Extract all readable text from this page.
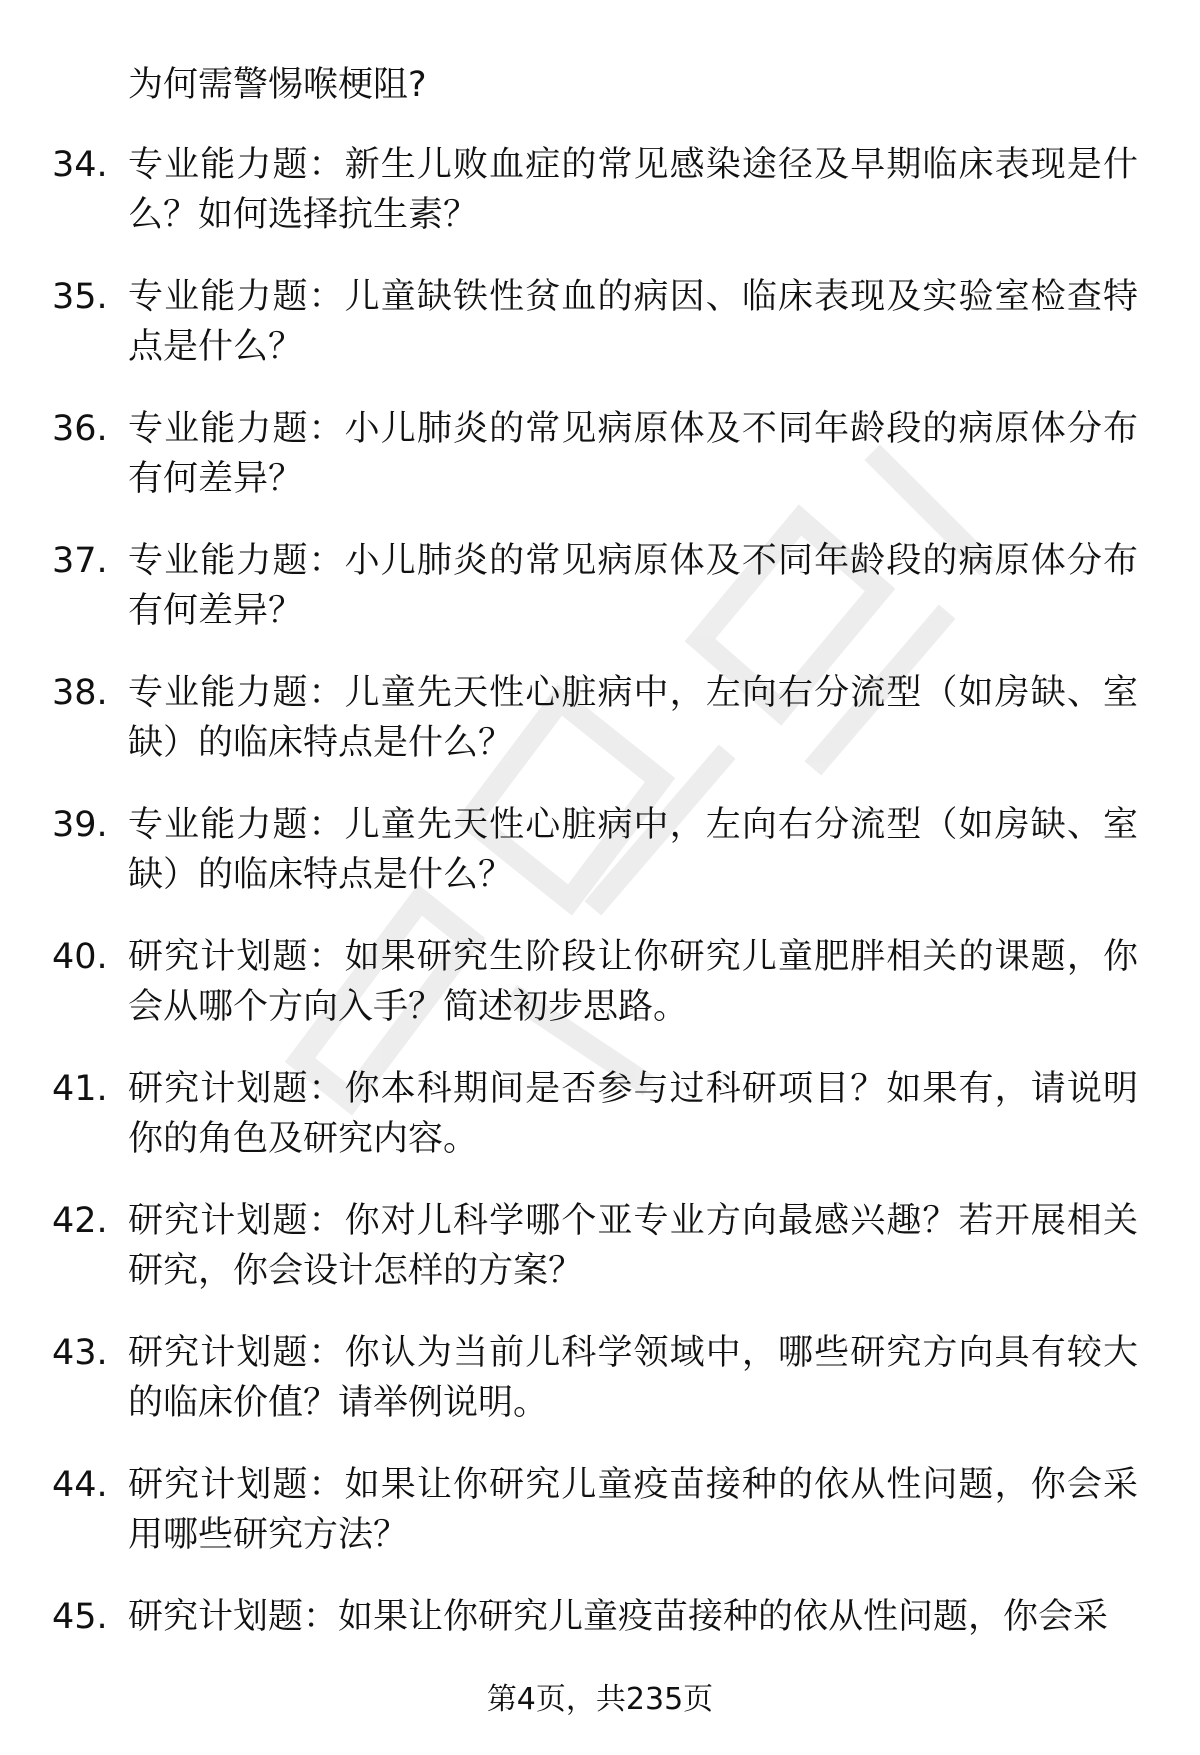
为何需警惕喉梗阻?
34. 专业能力题：新生儿败血症的常见感染途径及早期临床表现是什么？如何选择抗生素？
35. 专业能力题：儿童缺铁性贫血的病因、临床表现及实验室检查特点是什么？
36. 专业能力题：小儿肺炎的常见病原体及不同年龄段的病原体分布有何差异？
37. 专业能力题：小儿肺炎的常见病原体及不同年龄段的病原体分布有何差异？
38. 专业能力题：儿童先天性心脏病中，左向右分流型（如房缺、室缺）的临床特点是什么？
39. 专业能力题：儿童先天性心脏病中，左向右分流型（如房缺、室缺）的临床特点是什么？
40. 研究计划题：如果研究生阶段让你研究儿童肥胖相关的课题，你会从哪个方向入手？简述初步思路。
41. 研究计划题：你本科期间是否参与过科研项目？如果有，请说明你的角色及研究内容。
42. 研究计划题：你对儿科学哪个亚专业方向最感兴趣？若开展相关研究，你会设计怎样的方案？
43. 研究计划题：你认为当前儿科学领域中，哪些研究方向具有较大的临床价值？请举例说明。
44. 研究计划题：如果让你研究儿童疫苗接种的依从性问题，你会采用哪些研究方法？
45. 研究计划题：如果让你研究儿童疫苗接种的依从性问题，你会采
第4页，共235页
